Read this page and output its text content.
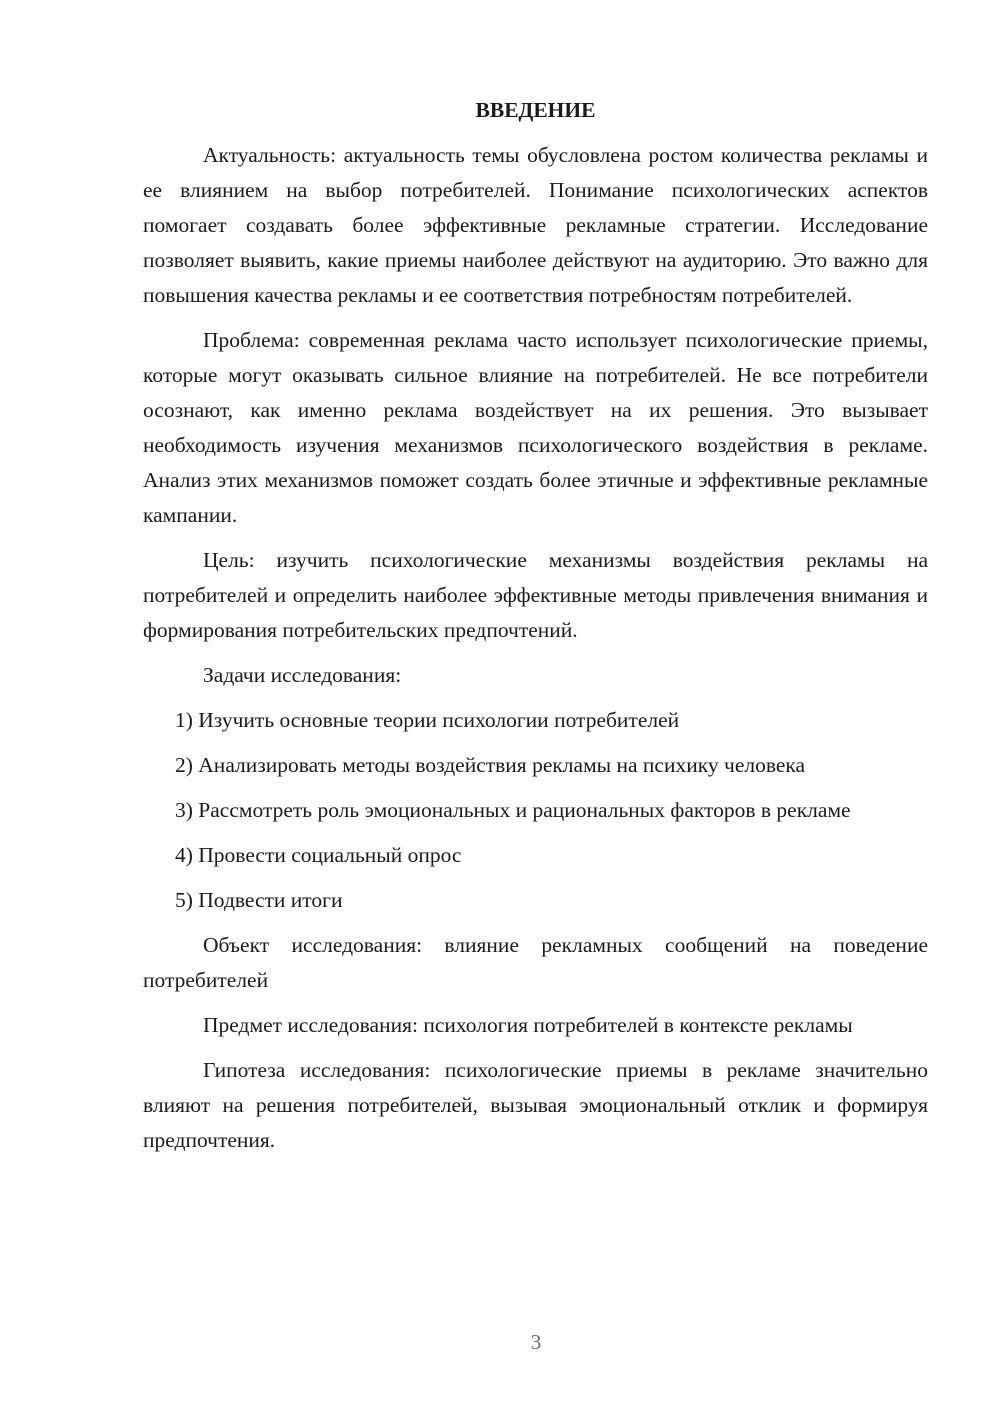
ВВЕДЕНИЕ

Актуальность: актуальность темы обусловлена ростом количества рекламы и ее влиянием на выбор потребителей. Понимание психологических аспектов помогает создавать более эффективные рекламные стратегии. Исследование позволяет выявить, какие приемы наиболее действуют на аудиторию. Это важно для повышения качества рекламы и ее соответствия потребностям потребителей.

Проблема: современная реклама часто использует психологические приемы, которые могут оказывать сильное влияние на потребителей. Не все потребители осознают, как именно реклама воздействует на их решения. Это вызывает необходимость изучения механизмов психологического воздействия в рекламе. Анализ этих механизмов поможет создать более этичные и эффективные рекламные кампании.

Цель: изучить психологические механизмы воздействия рекламы на потребителей и определить наиболее эффективные методы привлечения внимания и формирования потребительских предпочтений.

Задачи исследования:

1) Изучить основные теории психологии потребителей

2) Анализировать методы воздействия рекламы на психику человека

3) Рассмотреть роль эмоциональных и рациональных факторов в рекламе

4) Провести социальный опрос

5) Подвести итоги

Объект исследования: влияние рекламных сообщений на поведение потребителей

Предмет исследования: психология потребителей в контексте рекламы

Гипотеза исследования: психологические приемы в рекламе значительно влияют на решения потребителей, вызывая эмоциональный отклик и формируя предпочтения.

3
